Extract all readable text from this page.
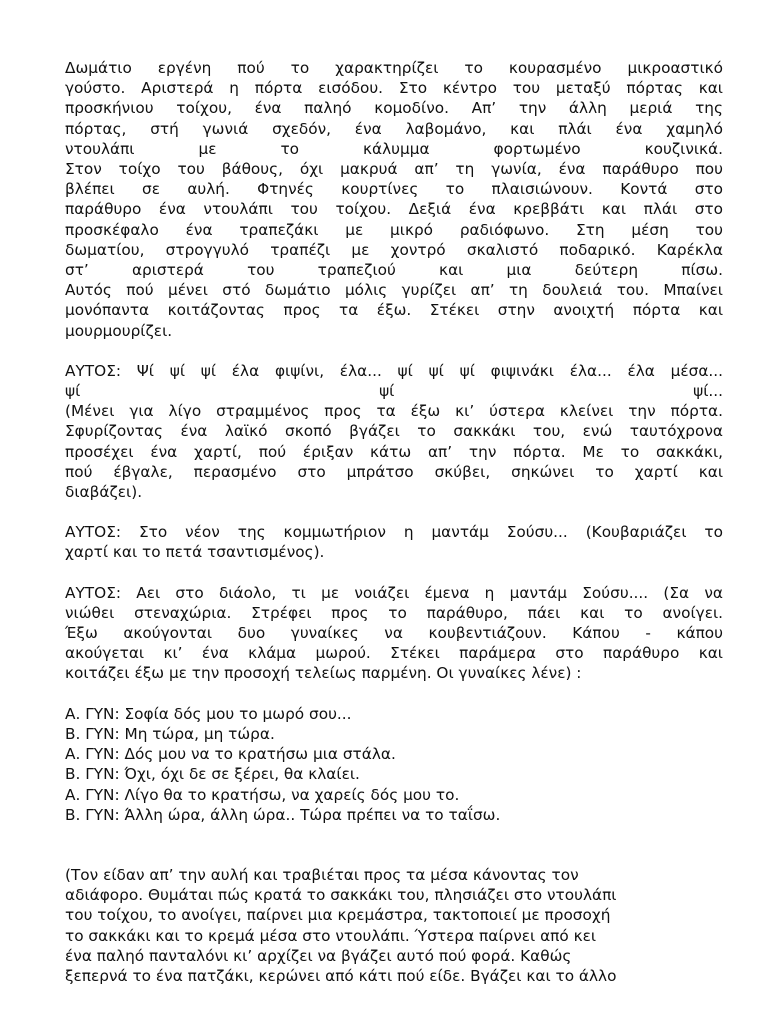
Δωμάτιο εργένη πού το χαρακτηρίζει το κουρασμένο μικροαστικό
γούστο. Αριστερά η πόρτα εισόδου. Στο κέντρο του μεταξύ πόρτας και
προσκήνιου τοίχου, ένα παληό κομοδίνο. Απ’ την άλλη μεριά της
πόρτας, στή γωνιά σχεδόν, ένα λαβομάνο, και πλάι ένα χαμηλό
ντουλάπι με το κάλυμμα φορτωμένο κουζινικά.
Στον τοίχο του βάθους, όχι μακρυά απ’ τη γωνία, ένα παράθυρο που
βλέπει σε αυλή. Φτηνές κουρτίνες το πλαισιώνουν. Κοντά στο
παράθυρο ένα ντουλάπι του τοίχου. Δεξιά ένα κρεββάτι και πλάι στο
προσκέφαλο ένα τραπεζάκι με μικρό ραδιόφωνο. Στη μέση του
δωματίου, στρογγυλό τραπέζι με χοντρό σκαλιστό ποδαρικό. Καρέκλα
στ’ αριστερά του τραπεζιού και μια δεύτερη πίσω.
Αυτός πού μένει στό δωμάτιο μόλις γυρίζει απ’ τη δουλειά του. Μπαίνει
μονόπαντα κοιτάζοντας προς τα έξω. Στέκει στην ανοιχτή πόρτα και
μουρμουρίζει.
ΑΥΤΟΣ: Ψί ψί ψί έλα φιψίνι, έλα... ψί ψί ψί φιψινάκι έλα... έλα μέσα...
ψί ψί ψί...
(Μένει για λίγο στραμμένος προς τα έξω κι’ ύστερα κλείνει την πόρτα.
Σφυρίζοντας ένα λαϊκό σκοπό βγάζει το σακκάκι του, ενώ ταυτόχρονα
προσέχει ένα χαρτί, πού έριξαν κάτω απ’ την πόρτα. Με το σακκάκι,
πού έβγαλε, περασμένο στο μπράτσο σκύβει, σηκώνει το χαρτί και
διαβάζει).
ΑΥΤΟΣ: Στο νέον της κομμωτήριον η μαντάμ Σούσυ... (Κουβαριάζει το
χαρτί και το πετά τσαντισμένος).
ΑΥΤΟΣ: Αει στο διάολο, τι με νοιάζει έμενα η μαντάμ Σούσυ.... (Σα να
νιώθει στεναχώρια. Στρέφει προς το παράθυρο, πάει και το ανοίγει.
Έξω ακούγονται δυο γυναίκες να κουβεντιάζουν. Κάπου - κάπου
ακούγεται κι’ ένα κλάμα μωρού. Στέκει παράμερα στο παράθυρο και
κοιτάζει έξω με την προσοχή τελείως παρμένη. Οι γυναίκες λένε) :
Α. ΓΥΝ: Σοφία δός μου το μωρό σου...
Β. ΓΥΝ: Μη τώρα, μη τώρα.
Α. ΓΥΝ: Δός μου να το κρατήσω μια στάλα.
Β. ΓΥΝ: Όχι, όχι δε σε ξέρει, θα κλαίει.
Α. ΓΥΝ: Λίγο θα το κρατήσω, να χαρείς δός μου το.
Β. ΓΥΝ: Άλλη ώρα, άλλη ώρα.. Τώρα πρέπει να το ταΐσω.
(Τον είδαν απ’ την αυλή και τραβιέται προς τα μέσα κάνοντας τον
αδιάφορο. Θυμάται πώς κρατά το σακκάκι του, πλησιάζει στο ντουλάπι
του τοίχου, το ανοίγει, παίρνει μια κρεμάστρα, τακτοποιεί με προσοχή
το σακκάκι και το κρεμά μέσα στο ντουλάπι. Ύστερα παίρνει από κει
ένα παληό πανταλόνι κι’ αρχίζει να βγάζει αυτό πού φορά. Καθώς
ξεπερνά το ένα πατζάκι, κερώνει από κάτι πού είδε. Βγάζει και το άλλο
